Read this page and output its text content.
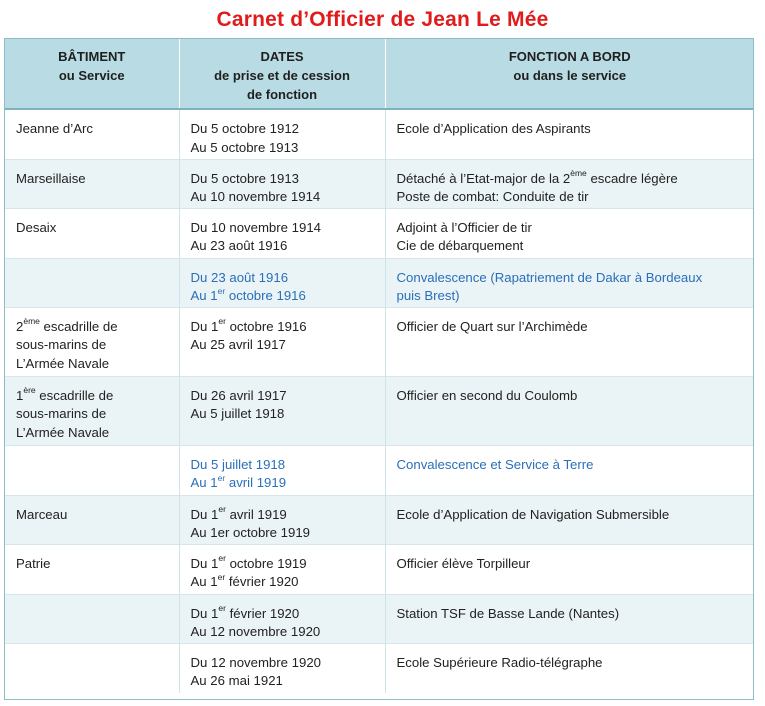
Carnet d’Officier de Jean Le Mée
BÂTIMENT
ou Service	DATES
de prise et de cession
de fonction	FONCTION A BORD
ou dans le service

Jeanne d’Arc	Du 5 octobre 1912
Au 5 octobre 1913	Ecole d’Application des Aspirants

Marseillaise	Du 5 octobre 1913
Au 10 novembre 1914	Détaché à l’Etat-major de la 2ème escadre légère
Poste de combat: Conduite de tir

Desaix	Du 10 novembre 1914
Au 23 août 1916	Adjoint à l’Officier de tir
Cie de débarquement

	Du 23 août 1916
Au 1er octobre 1916	Convalescence (Rapatriement de Dakar à Bordeaux
puis Brest)

2ème escadrille de
sous-marins de
L’Armée Navale	Du 1er octobre 1916
Au 25 avril 1917	Officier de Quart sur l’Archimède

1ère escadrille de
sous-marins de
L’Armée Navale	Du 26 avril 1917
Au 5 juillet 1918	Officier en second du Coulomb

	Du 5 juillet 1918
Au 1er avril 1919	Convalescence et Service à Terre

Marceau	Du 1er avril 1919
Au 1er octobre 1919	Ecole d’Application de Navigation Submersible

Patrie	Du 1er octobre 1919
Au 1er février 1920	Officier élève Torpilleur

	Du 1er février 1920
Au 12 novembre 1920	Station TSF de Basse Lande (Nantes)

	Du 12 novembre 1920
Au 26 mai 1921	Ecole Supérieure Radio-télégraphe
